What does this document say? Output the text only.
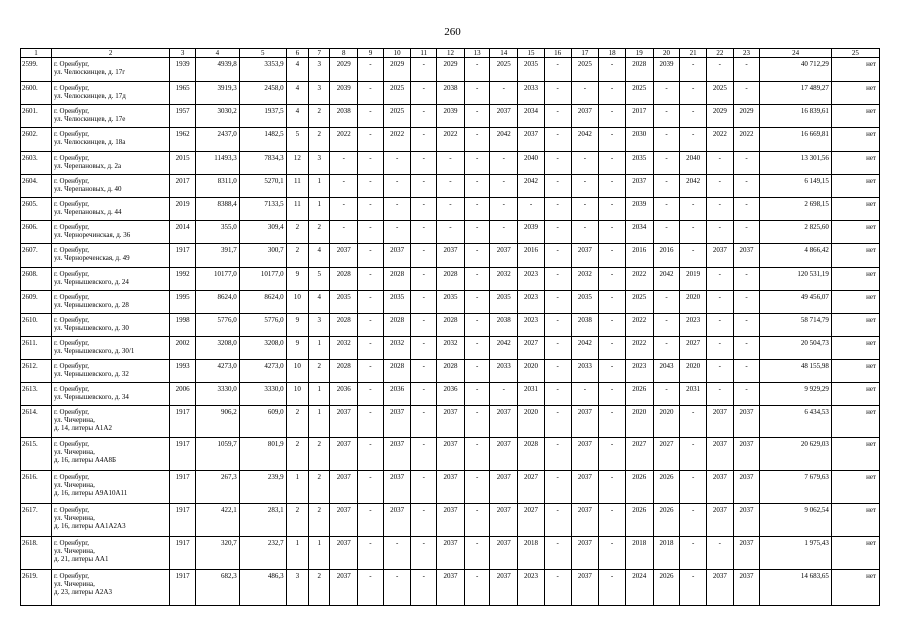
260
1	2	3	4	5	6	7	8	9	10	11	12	13	14	15	16	17	18	19	20	21	22	23	24	25
2599.	г. Оренбург,
ул. Челюскинцев, д. 17г	1939	4939,8	3353,9	4	3	2029	-	2029	-	2029	-	2025	2035	-	2025	-	2028	2039	-	-	-	40 712,29	нет
2600.	г. Оренбург,
ул. Челюскинцев, д. 17д	1965	3919,3	2458,0	4	3	2039	-	2025	-	2038	-	-	2033	-	-	-	2025	-	-	2025	-	17 489,27	нет
2601.	г. Оренбург,
ул. Челюскинцев, д. 17е	1957	3030,2	1937,5	4	2	2038	-	2025	-	2039	-	2037	2034	-	2037	-	2017	-	-	2029	2029	16 839,61	нет
2602.	г. Оренбург,
ул. Челюскинцев, д. 18а	1962	2437,0	1482,5	5	2	2022	-	2022	-	2022	-	2042	2037	-	2042	-	2030	-	-	2022	2022	16 669,81	нет
2603.	г. Оренбург,
ул. Черепановых, д. 2а	2015	11493,3	7834,3	12	3	-	-	-	-	-	-	-	2040	-	-	-	2035	-	2040	-	-	13 301,56	нет
2604.	г. Оренбург,
ул. Черепановых, д. 40	2017	8311,0	5270,1	11	1	-	-	-	-	-	-	-	2042	-	-	-	2037	-	2042	-	-	6 149,15	нет
2605.	г. Оренбург,
ул. Черепановых, д. 44	2019	8388,4	7133,5	11	1	-	-	-	-	-	-	-	-	-	-	-	2039	-	-	-	-	2 698,15	нет
2606.	г. Оренбург,
ул. Черноречинская, д. 36	2014	355,0	309,4	2	2	-	-	-	-	-	-	-	2039	-	-	-	2034	-	-	-	-	2 825,60	нет
2607.	г. Оренбург,
ул. Чернореченская, д. 49	1917	391,7	300,7	2	4	2037	-	2037	-	2037	-	2037	2016	-	2037	-	2016	2016	-	2037	2037	4 866,42	нет
2608.	г. Оренбург,
ул. Чернышевского, д. 24	1992	10177,0	10177,0	9	5	2028	-	2028	-	2028	-	2032	2023	-	2032	-	2022	2042	2019	-	-	120 531,19	нет
2609.	г. Оренбург,
ул. Чернышевского, д. 28	1995	8624,0	8624,0	10	4	2035	-	2035	-	2035	-	2035	2023	-	2035	-	2025	-	2020	-	-	49 456,07	нет
2610.	г. Оренбург,
ул. Чернышевского, д. 30	1998	5776,0	5776,0	9	3	2028	-	2028	-	2028	-	2038	2023	-	2038	-	2022	-	2023	-	-	58 714,79	нет
2611.	г. Оренбург,
ул. Чернышевского, д. 30/1	2002	3208,0	3208,0	9	1	2032	-	2032	-	2032	-	2042	2027	-	2042	-	2022	-	2027	-	-	20 504,73	нет
2612.	г. Оренбург,
ул. Чернышевского, д. 32	1993	4273,0	4273,0	10	2	2028	-	2028	-	2028	-	2033	2020	-	2033	-	2023	2043	2020	-	-	48 155,98	нет
2613.	г. Оренбург,
ул. Чернышевского, д. 34	2006	3330,0	3330,0	10	1	2036	-	2036	-	2036	-	-	2031	-	-	-	2026	-	2031	-	-	9 929,29	нет
2614.	г. Оренбург,
ул. Чичерина,
д. 14, литеры А1А2	1917	906,2	609,0	2	1	2037	-	2037	-	2037	-	2037	2020	-	2037	-	2020	2020	-	2037	2037	6 434,53	нет
2615.	г. Оренбург,
ул. Чичерина,
д. 16, литеры А4А8Б	1917	1059,7	801,9	2	2	2037	-	2037	-	2037	-	2037	2028	-	2037	-	2027	2027	-	2037	2037	20 629,03	нет
2616.	г. Оренбург,
ул. Чичерина,
д. 16, литеры А9А10А11	1917	267,3	239,9	1	2	2037	-	2037	-	2037	-	2037	2027	-	2037	-	2026	2026	-	2037	2037	7 679,63	нет
2617.	г. Оренбург,
ул. Чичерина,
д. 16, литеры АА1А2А3	1917	422,1	283,1	2	2	2037	-	2037	-	2037	-	2037	2027	-	2037	-	2026	2026	-	2037	2037	9 062,54	нет
2618.	г. Оренбург,
ул. Чичерина,
д. 21, литеры АА1	1917	320,7	232,7	1	1	2037	-	-	-	2037	-	2037	2018	-	2037	-	2018	2018	-	-	2037	1 975,43	нет
2619.	г. Оренбург,
ул. Чичерина,
д. 23, литеры А2А3	1917	682,3	486,3	3	2	2037	-	-	-	2037	-	2037	2023	-	2037	-	2024	2026	-	2037	2037	14 683,65	нет
